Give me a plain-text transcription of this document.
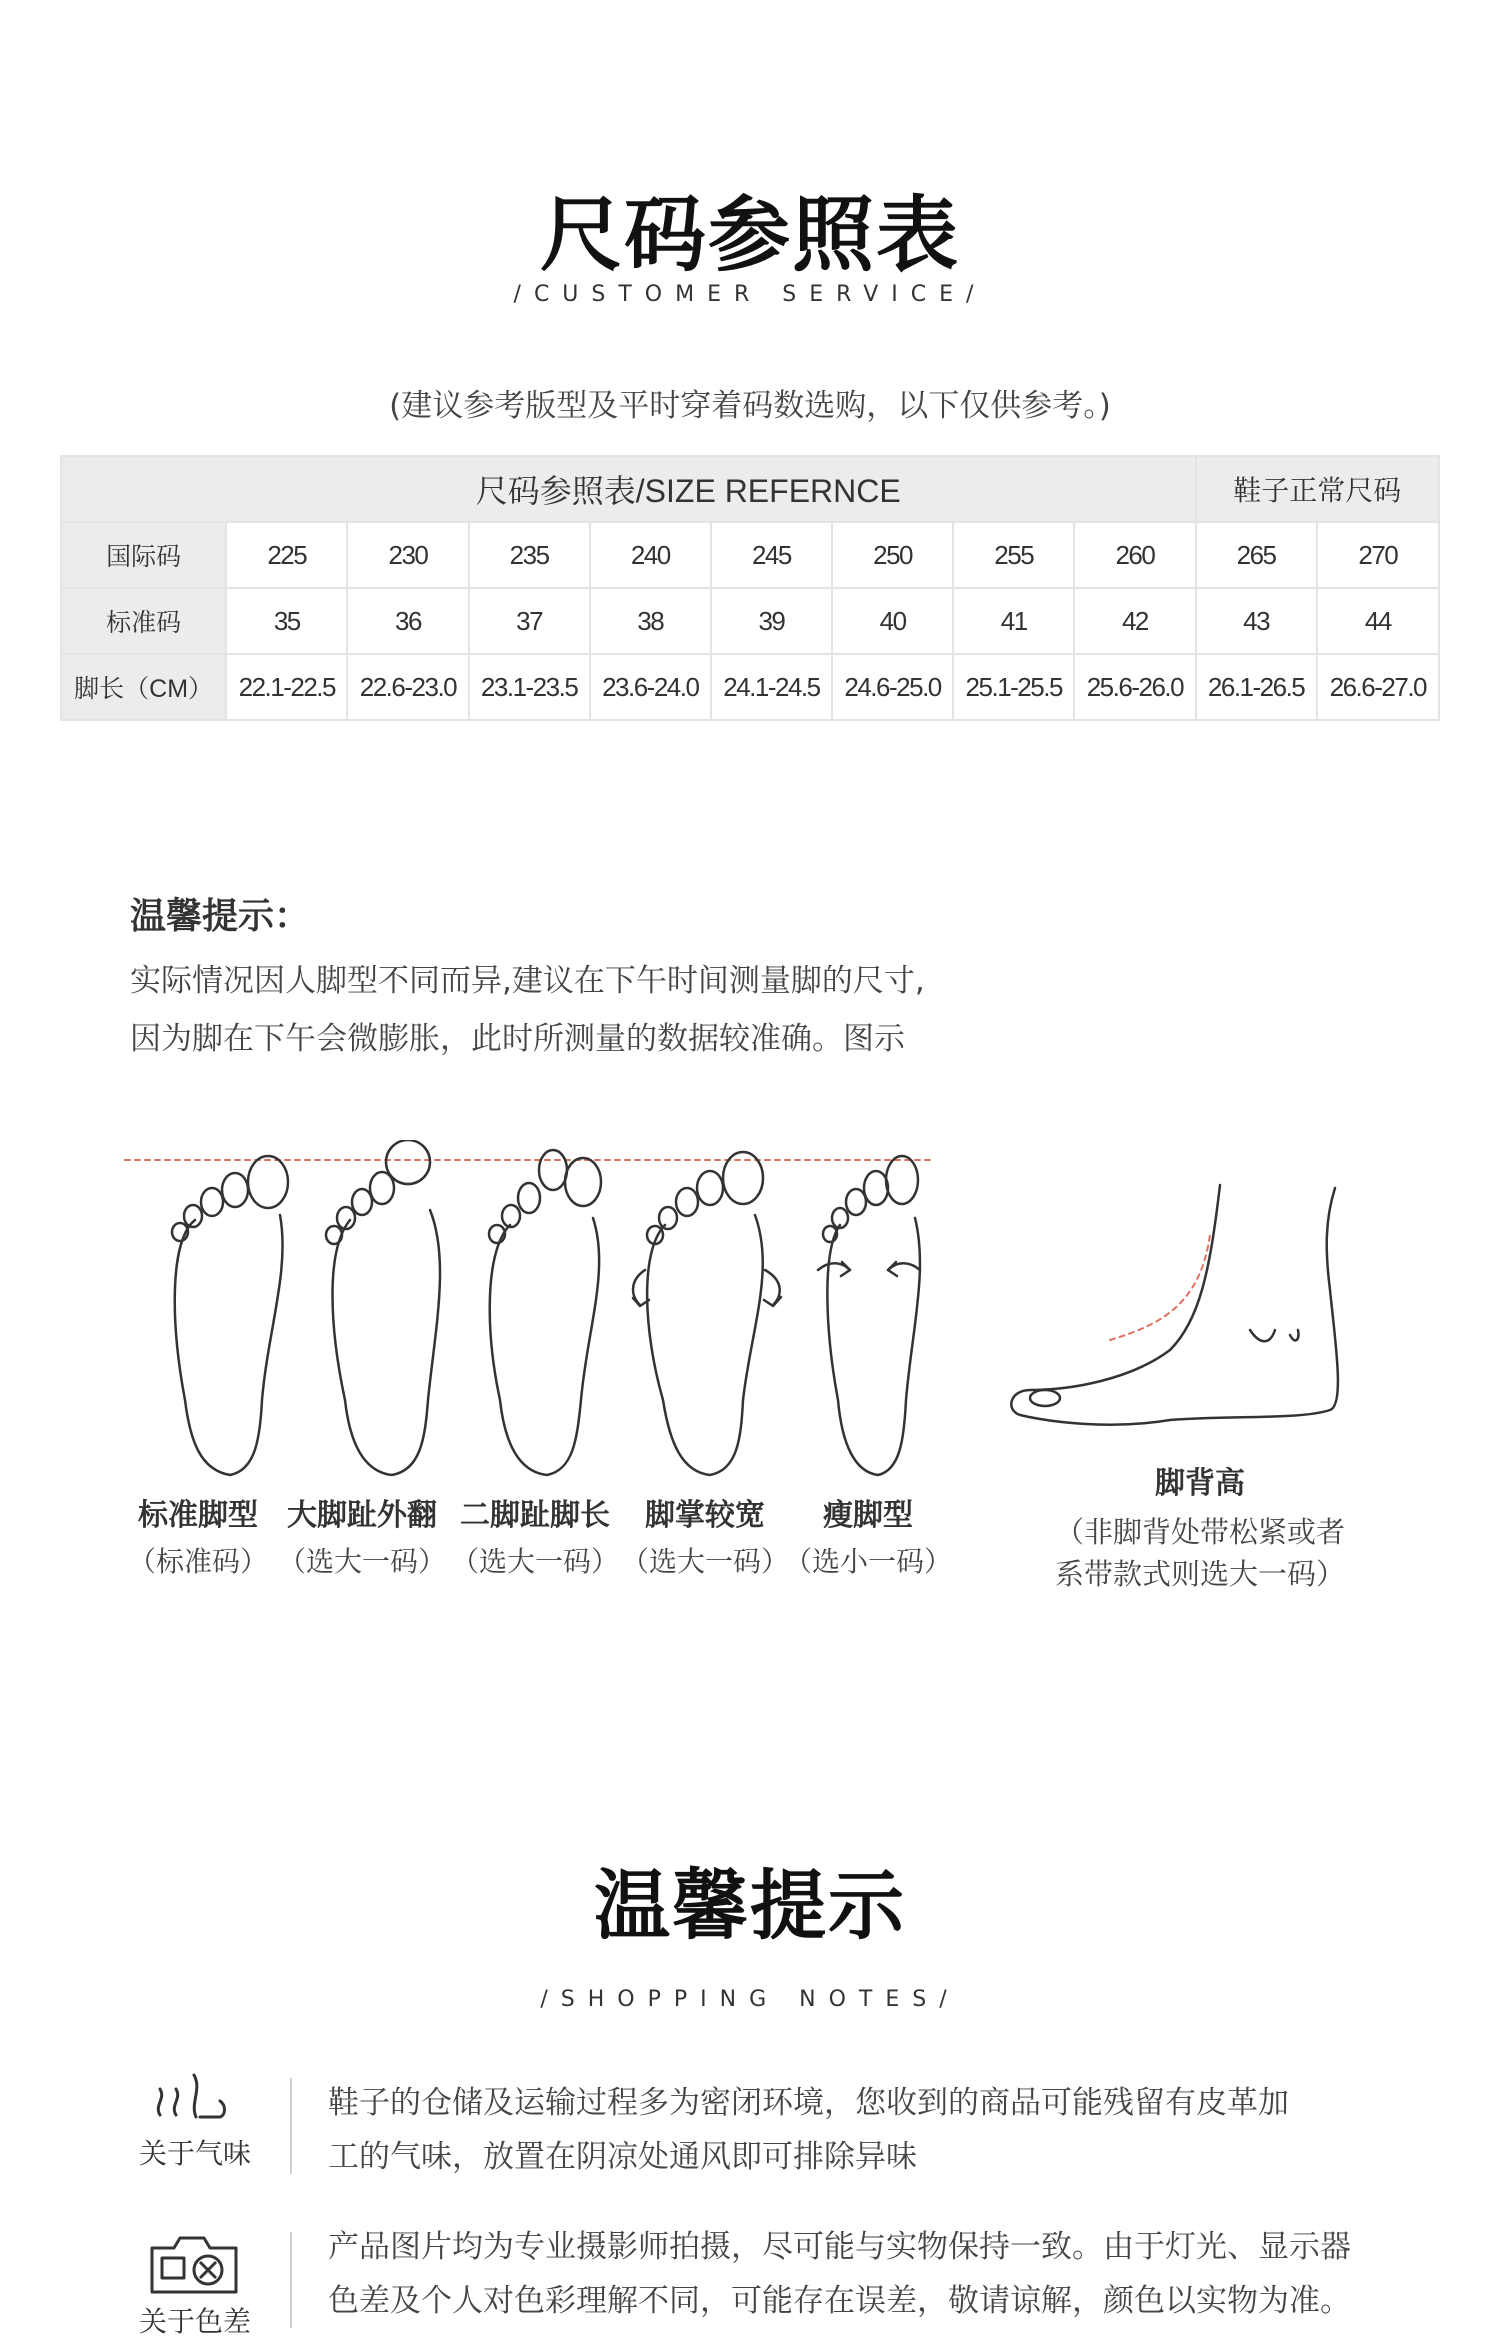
尺码参照表
/CUSTOMER SERVICE/
(建议参考版型及平时穿着码数选购，以下仅供参考。)
尺码参照表/SIZE REFERNCE									鞋子正常尺码	
国际码	225	230	235	240	245	250	255	260	265	270
标准码	35	36	37	38	39	40	41	42	43	44
脚长（CM）	22.1-22.5	22.6-23.0	23.1-23.5	23.6-24.0	24.1-24.5	24.6-25.0	25.1-25.5	25.6-26.0	26.1-26.5	26.6-27.0
温馨提示：
实际情况因人脚型不同而异,建议在下午时间测量脚的尺寸,
因为脚在下午会微膨胀，此时所测量的数据较准确。图示
标准脚型
（标准码）
大脚趾外翻
（选大一码）
二脚趾脚长
（选大一码）
脚掌较宽
（选大一码）
瘦脚型
（选小一码）
脚背高
（非脚背处带松紧或者
系带款式则选大一码）
温馨提示
/SHOPPING NOTES/
关于气味
鞋子的仓储及运输过程多为密闭环境，您收到的商品可能残留有皮革加
工的气味，放置在阴凉处通风即可排除异味
关于色差
产品图片均为专业摄影师拍摄，尽可能与实物保持一致。由于灯光、显示器
色差及个人对色彩理解不同，可能存在误差，敬请谅解，颜色以实物为准。
